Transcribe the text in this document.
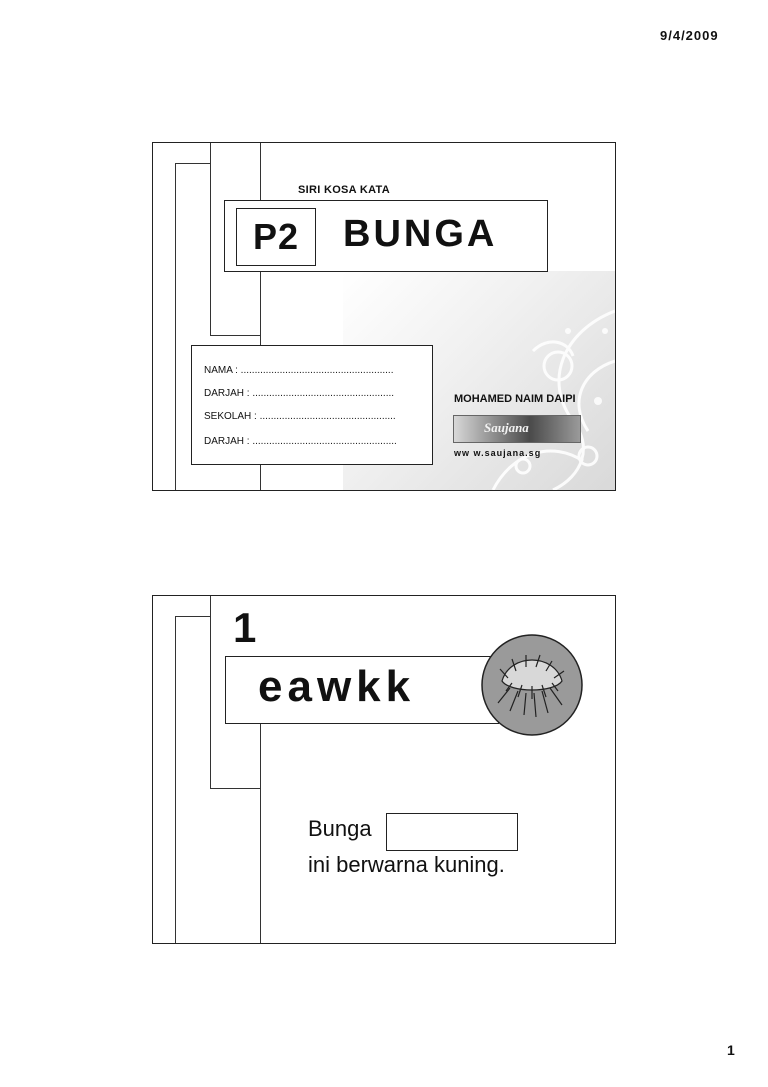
9/4/2009
SIRI KOSA KATA
P2	BUNGA
NAMA : .......................................................
DARJAH : ...................................................
SEKOLAH : .................................................
DARJAH : ....................................................
MOHAMED NAIM DAIPI
Saujana
ww w.saujana.sg
1
eawkk
Bunga
ini berwarna kuning.
1
